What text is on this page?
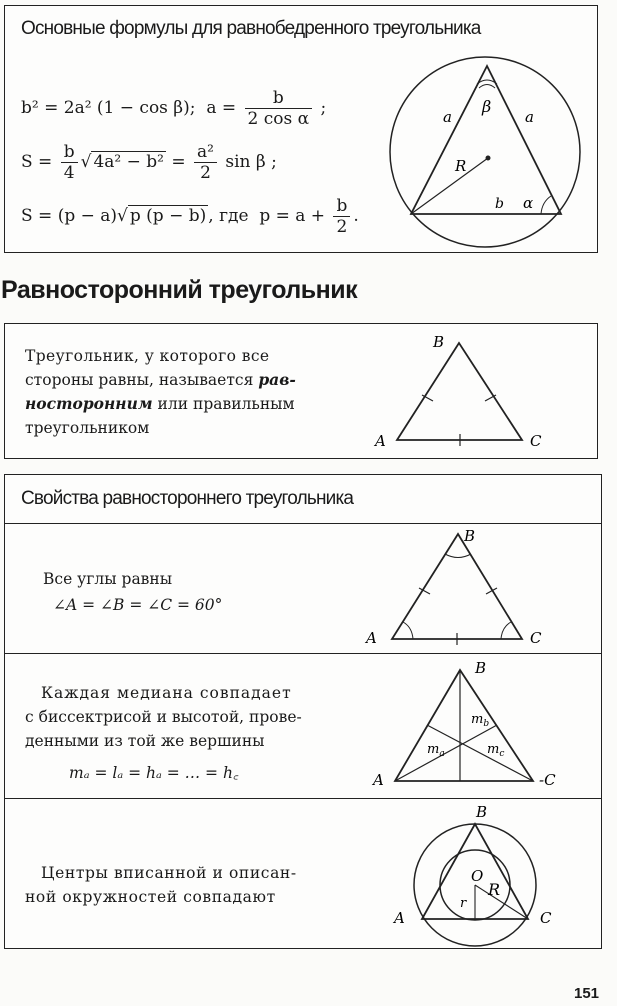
Основные формулы для равнобедренного треугольника
b² = 2a² (1 − cos β); $a = \frac{b}{\text{2 cos α}}$ ;
$S = \frac{b}{4}$ √ $4a^2 - b^2 = \frac{\text{a²}}{2}$ sin β ;
S = (p − a)√ p (p − b) , где $p = a + \frac{b}{2}$ .
a	a
β
R
b α
Равносторонний треугольник
Треугольник, у которого все
стороны равны, называется рав-
носторонним или правильным
треугольником
B
A	C
Свойства равностороннего треугольника
Все углы равны
∠A = ∠B = ∠C = 60°
B
A	C
Каждая медиана совпадает
с биссектрисой и высотой, прове-
денными из той же вершины
mₐ = lₐ = hₐ = … = h꜀
B
A	-C
$m_b$
$m_a$	$m_c$
Центры вписанной и описан-
ной окружностей совпадают
B
A	C
O
R
r
151
